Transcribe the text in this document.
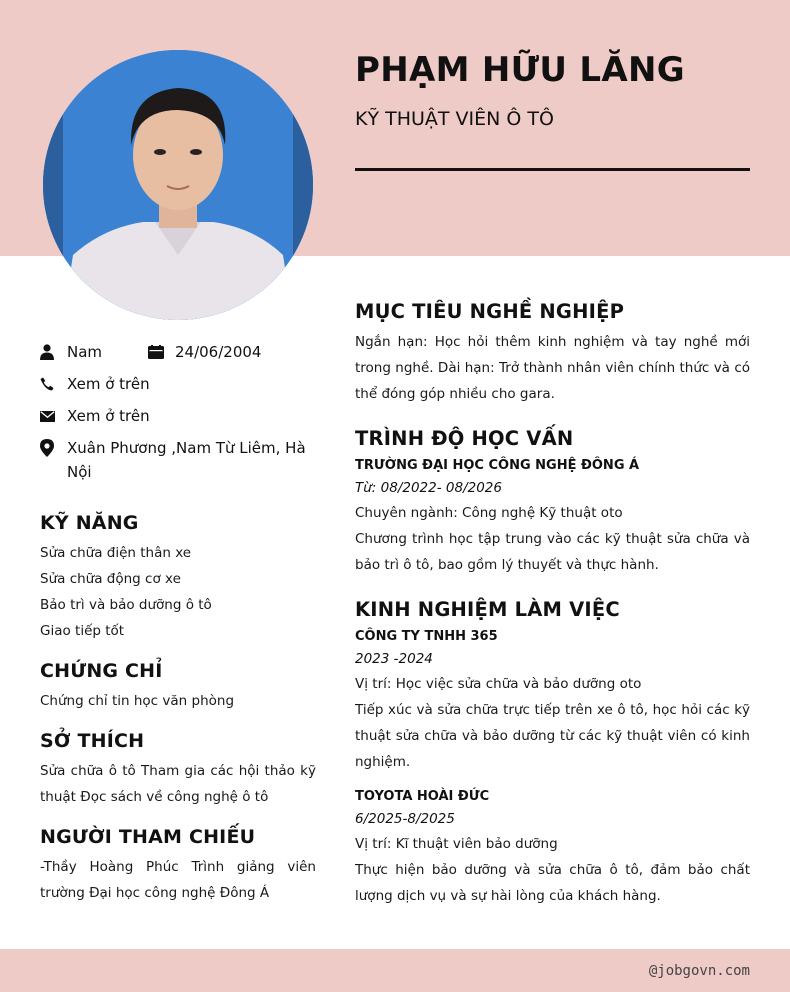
PHẠM HỮU LĂNG
KỸ THUẬT VIÊN Ô TÔ
Nam	24/06/2004
Xem ở trên
Xem ở trên
Xuân Phương ,Nam Từ Liêm, Hà Nội
KỸ NĂNG
Sửa chữa điện thân xe
Sửa chữa động cơ xe
Bảo trì và bảo dưỡng ô tô
Giao tiếp tốt
CHỨNG CHỈ
Chứng chỉ tin học văn phòng
SỞ THÍCH
Sửa chữa ô tô Tham gia các hội thảo kỹ thuật Đọc sách về công nghệ ô tô
NGƯỜI THAM CHIẾU
-Thầy Hoàng Phúc Trình giảng viên trường Đại học công nghệ Đông Á
MỤC TIÊU NGHỀ NGHIỆP
Ngắn hạn: Học hỏi thêm kinh nghiệm và tay nghề mới trong nghề. Dài hạn: Trở thành nhân viên chính thức và có thể đóng góp nhiều cho gara.
TRÌNH ĐỘ HỌC VẤN
TRƯỜNG ĐẠI HỌC CÔNG NGHỆ ĐÔNG Á
Từ: 08/2022- 08/2026
Chuyên ngành: Công nghệ Kỹ thuật oto
Chương trình học tập trung vào các kỹ thuật sửa chữa và bảo trì ô tô, bao gồm lý thuyết và thực hành.
KINH NGHIỆM LÀM VIỆC
CÔNG TY TNHH 365
2023 -2024
Vị trí: Học việc sửa chữa và bảo dưỡng oto
Tiếp xúc và sửa chữa trực tiếp trên xe ô tô, học hỏi các kỹ thuật sửa chữa và bảo dưỡng từ các kỹ thuật viên có kinh nghiệm.
TOYOTA HOÀI ĐỨC
6/2025-8/2025
Vị trí: Kĩ thuật viên bảo dưỡng
Thực hiện bảo dưỡng và sửa chữa ô tô, đảm bảo chất lượng dịch vụ và sự hài lòng của khách hàng.
@jobgovn.com
